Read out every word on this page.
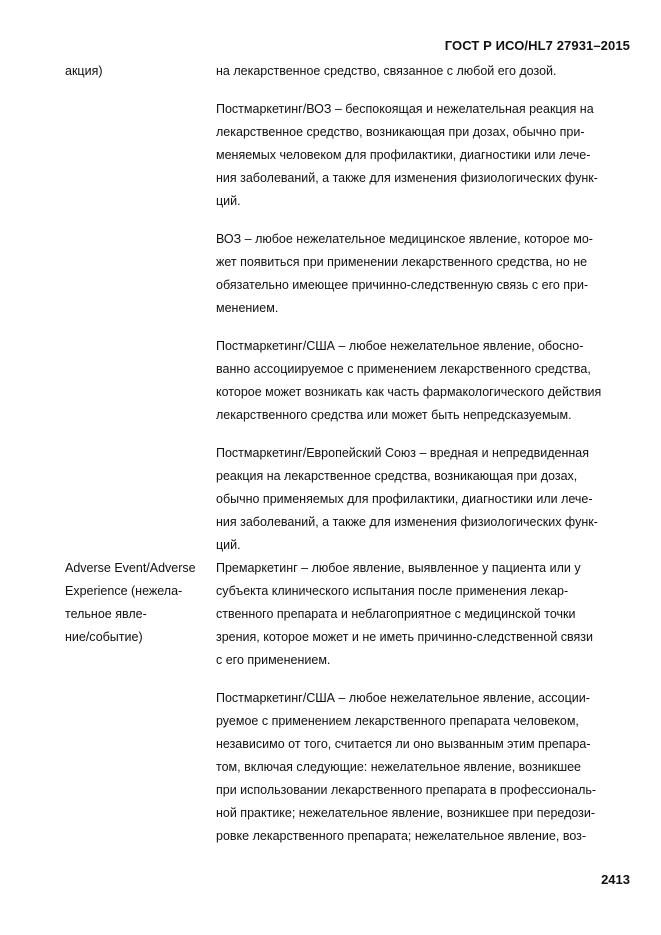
ГОСТ Р ИСО/HL7 27931–2015
акция)	на лекарственное средство, связанное с любой его дозой.

Постмаркетинг/ВОЗ – беспокоящая и нежелательная реакция на
лекарственное средство, возникающая при дозах, обычно при-
меняемых человеком для профилактики, диагностики или лече-
ния заболеваний, а также для изменения физиологических функ-
ций.

ВОЗ – любое нежелательное медицинское явление, которое мо-
жет появиться при применении лекарственного средства, но не
обязательно имеющее причинно-следственную связь с его при-
менением.

Постмаркетинг/США – любое нежелательное явление, обосно-
ванно ассоциируемое с применением лекарственного средства,
которое может возникать как часть фармакологического действия
лекарственного средства или может быть непредсказуемым.

Постмаркетинг/Европейский Союз – вредная и непредвиденная
реакция на лекарственное средства, возникающая при дозах,
обычно применяемых для профилактики, диагностики или лече-
ния заболеваний, а также для изменения физиологических функ-
ций.

Adverse Event/Adverse
Experience (нежела-
тельное явле-
ние/событие)

Премаркетинг – любое явление, выявленное у пациента или у
субъекта клинического испытания после применения лекар-
ственного препарата и неблагоприятное с медицинской точки
зрения, которое может и не иметь причинно-следственной связи
с его применением.

Постмаркетинг/США – любое нежелательное явление, ассоции-
руемое с применением лекарственного препарата человеком,
независимо от того, считается ли оно вызванным этим препара-
том, включая следующие: нежелательное явление, возникшее
при использовании лекарственного препарата в профессиональ-
ной практике; нежелательное явление, возникшее при передози-
ровке лекарственного препарата; нежелательное явление, воз-

2413
